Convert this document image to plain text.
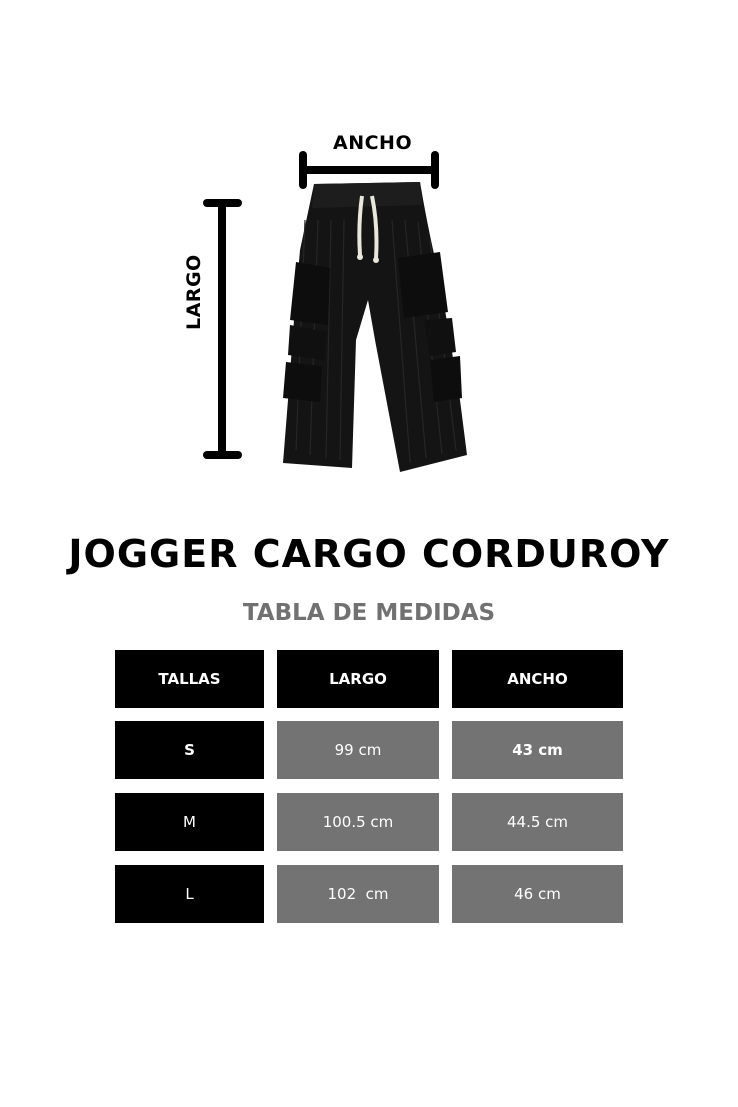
ANCHO
LARGO
JOGGER CARGO CORDUROY
TABLA DE MEDIDAS
TALLAS	LARGO	ANCHO
S	99 cm	43 cm
M	100.5 cm	44.5 cm
L	102  cm	46 cm
